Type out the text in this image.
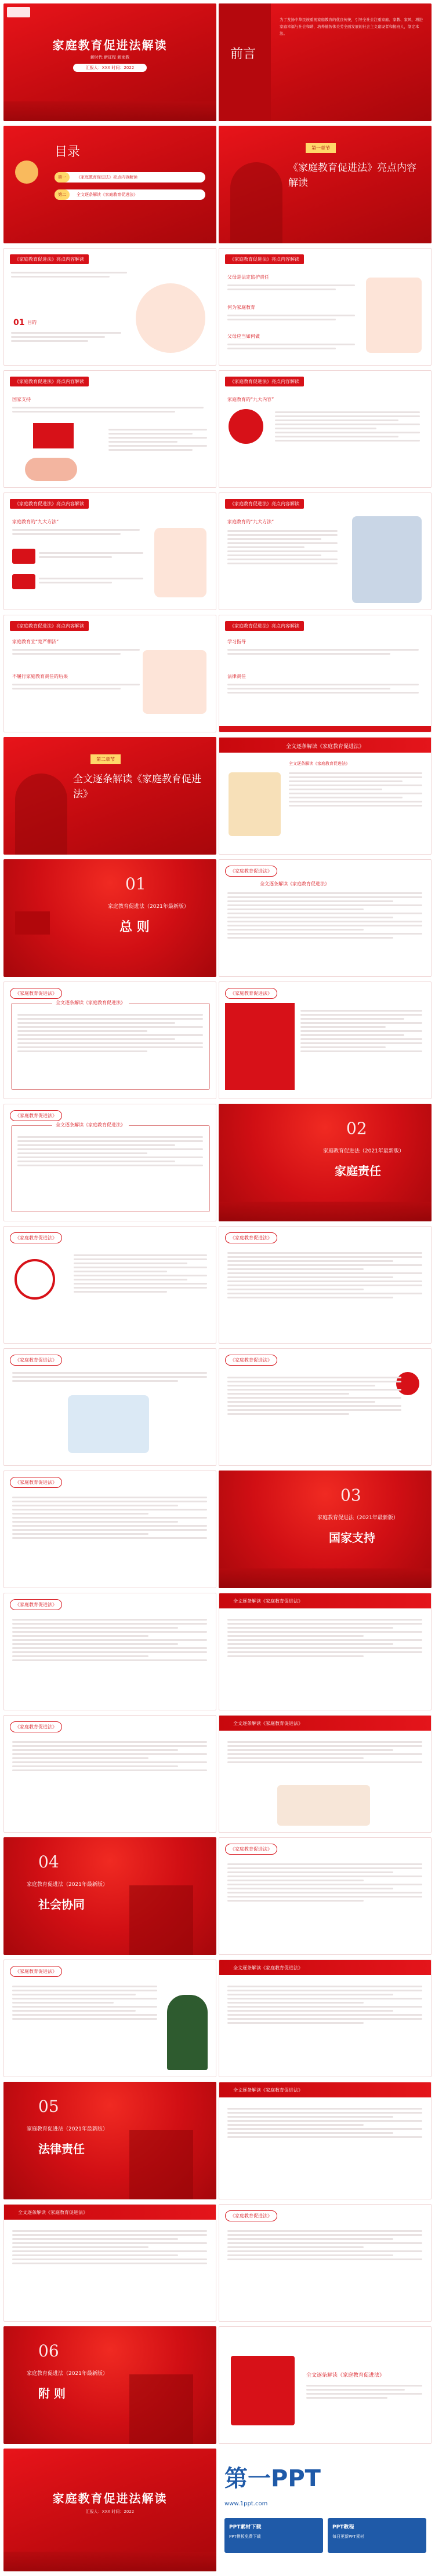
家庭教育促进法解读
新时代 新征程 新家教
汇报人：XXX 时间：2022
前言
为了发扬中华民族重视家庭教育的优良传统，引导全社会注重家庭、家教、家风，增进家庭幸福与社会和谐，培养德智体美劳全面发展的社会主义建设者和接班人，制定本法。
目录
第一	《家庭教育促进法》亮点内容解读
第二	全文逐条解读《家庭教育促进法》
第一章节
《家庭教育促进法》亮点内容解读
《家庭教育促进法》亮点内容解读
01 目的
《家庭教育促进法》亮点内容解读
父母是法定监护责任
何为家庭教育
父母应当如何做
《家庭教育促进法》亮点内容解读
国家支持
《家庭教育促进法》亮点内容解读
家庭教育的“九大内容”
《家庭教育促进法》亮点内容解读
家庭教育的“九大方法”
《家庭教育促进法》亮点内容解读
家庭教育的“九大方法”
《家庭教育促进法》亮点内容解读
家庭教育宜“宽严相济”
不履行家庭教育责任的后果
《家庭教育促进法》亮点内容解读
学习指导
法律责任
第二章节
全文逐条解读《家庭教育促进法》
全文逐条解读《家庭教育促进法》
全文逐条解读《家庭教育促进法》
01
家庭教育促进法（2021年最新版）
总 则
《家庭教育促进法》
全文逐条解读《家庭教育促进法》
《家庭教育促进法》
全文逐条解读《家庭教育促进法》
《家庭教育促进法》
《家庭教育促进法》
全文逐条解读《家庭教育促进法》	02
家庭教育促进法（2021年最新版）
家庭责任
《家庭教育促进法》	《家庭教育促进法》
《家庭教育促进法》	《家庭教育促进法》
《家庭教育促进法》
03
家庭教育促进法（2021年最新版）
国家支持
《家庭教育促进法》
全文逐条解读《家庭教育促进法》
《家庭教育促进法》
全文逐条解读《家庭教育促进法》
04
家庭教育促进法（2021年最新版）
社会协同
《家庭教育促进法》
《家庭教育促进法》
全文逐条解读《家庭教育促进法》
05
家庭教育促进法（2021年最新版）
法律责任
全文逐条解读《家庭教育促进法》
全文逐条解读《家庭教育促进法》
《家庭教育促进法》
06
家庭教育促进法（2021年最新版）
附 则
全文逐条解读《家庭教育促进法》
家庭教育促进法解读
汇报人：XXX 时间：2022
第一PPT
www.1ppt.com
PPT素材下载
PPT模板免费下载
PPT教程
每日更新PPT素材
